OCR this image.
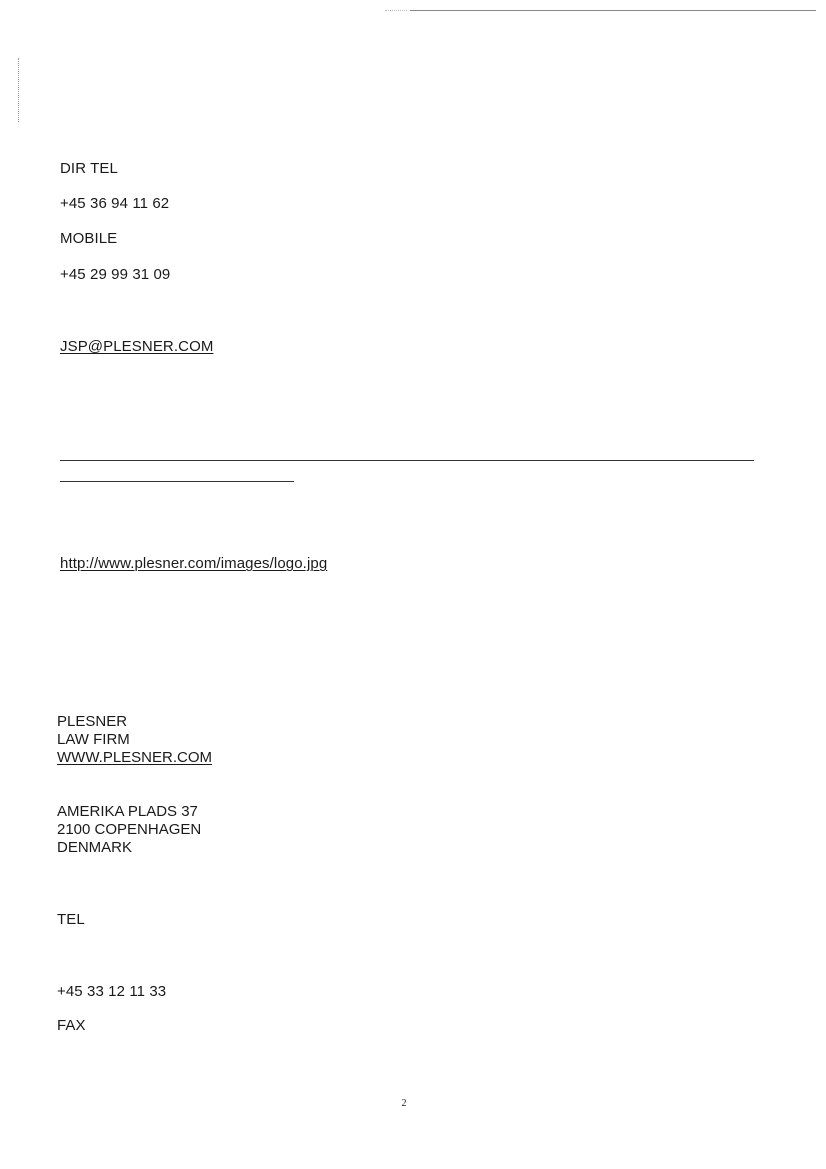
DIR TEL
+45 36 94 11 62
MOBILE
+45 29 99 31 09
JSP@PLESNER.COM
http://www.plesner.com/images/logo.jpg
PLESNER
LAW FIRM
WWW.PLESNER.COM
AMERIKA PLADS 37
2100 COPENHAGEN
DENMARK
TEL
+45 33 12 11 33
FAX
2
